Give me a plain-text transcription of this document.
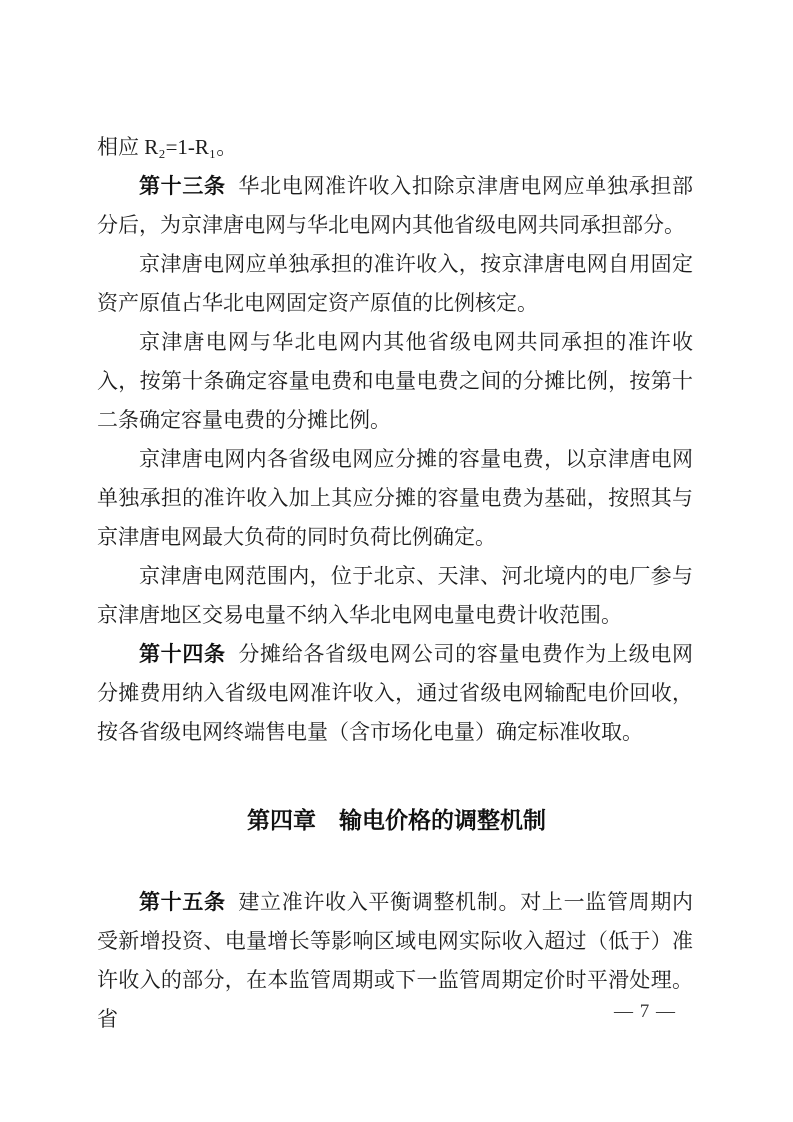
相应 R₂=1-R₁。

第十三条 华北电网准许收入扣除京津唐电网应单独承担部分后，为京津唐电网与华北电网内其他省级电网共同承担部分。

京津唐电网应单独承担的准许收入，按京津唐电网自用固定资产原值占华北电网固定资产原值的比例核定。

京津唐电网与华北电网内其他省级电网共同承担的准许收入，按第十条确定容量电费和电量电费之间的分摊比例，按第十二条确定容量电费的分摊比例。

京津唐电网内各省级电网应分摊的容量电费，以京津唐电网单独承担的准许收入加上其应分摊的容量电费为基础，按照其与京津唐电网最大负荷的同时负荷比例确定。

京津唐电网范围内，位于北京、天津、河北境内的电厂参与京津唐地区交易电量不纳入华北电网电量电费计收范围。

第十四条 分摊给各省级电网公司的容量电费作为上级电网分摊费用纳入省级电网准许收入，通过省级电网输配电价回收，按各省级电网终端售电量（含市场化电量）确定标准收取。

第四章　输电价格的调整机制

第十五条 建立准许收入平衡调整机制。对上一监管周期内受新增投资、电量增长等影响区域电网实际收入超过（低于）准许收入的部分，在本监管周期或下一监管周期定价时平滑处理。省	— 7 —
